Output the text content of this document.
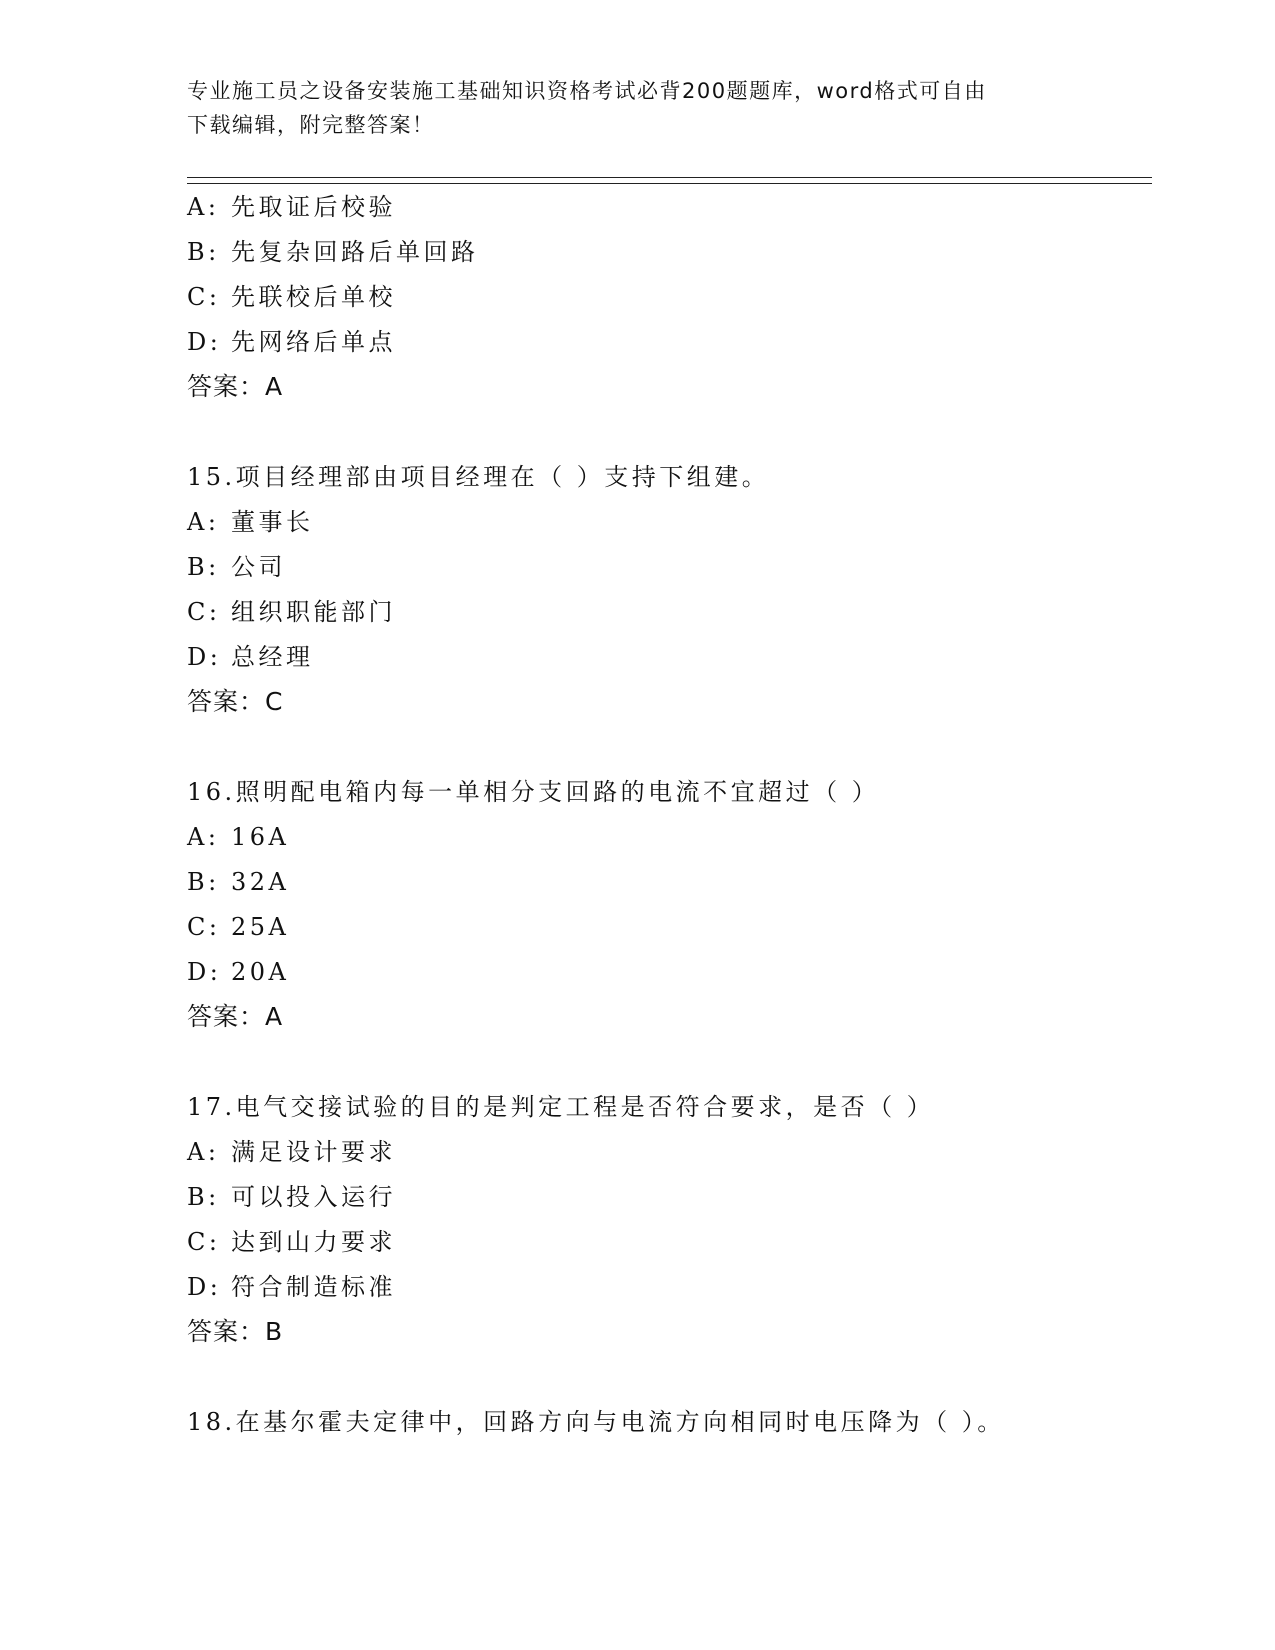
专业施工员之设备安装施工基础知识资格考试必背200题题库，word格式可自由
下载编辑，附完整答案！
A: 先取证后校验
B: 先复杂回路后单回路
C: 先联校后单校
D: 先网络后单点
答案：A
15.项目经理部由项目经理在（ ）支持下组建。
A: 董事长
B: 公司
C: 组织职能部门
D: 总经理
答案：C
16.照明配电箱内每一单相分支回路的电流不宜超过（ ）
A: 16A
B: 32A
C: 25A
D: 20A
答案：A
17.电气交接试验的目的是判定工程是否符合要求，是否（ ）
A: 满足设计要求
B: 可以投入运行
C: 达到山力要求
D: 符合制造标准
答案：B
18.在基尔霍夫定律中，回路方向与电流方向相同时电压降为（ ）。
